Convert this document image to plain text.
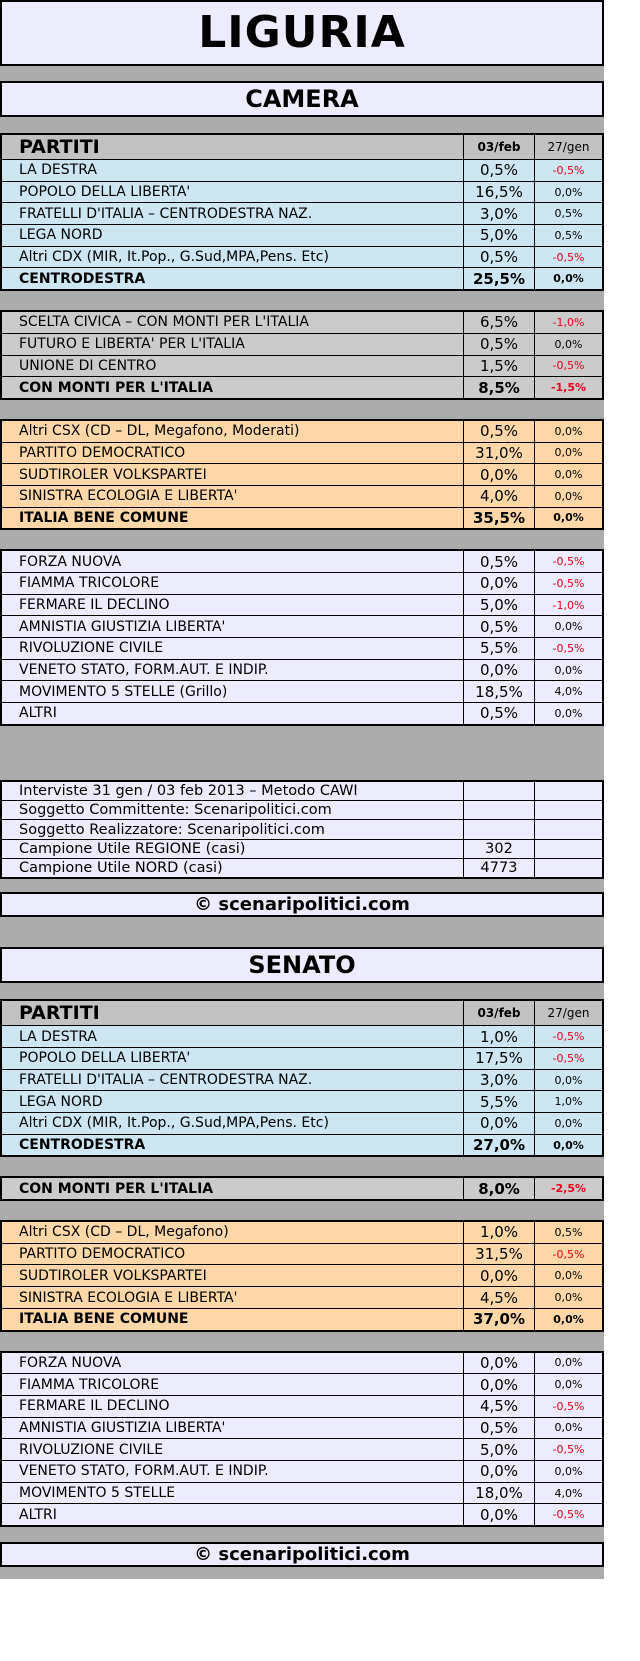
LIGURIA
CAMERA
PARTITI	03/feb	27/gen
LA DESTRA	0,5%	-0,5%
POPOLO DELLA LIBERTA'	16,5%	0,0%
FRATELLI D'ITALIA – CENTRODESTRA NAZ.	3,0%	0,5%
LEGA NORD	5,0%	0,5%
Altri CDX (MIR, It.Pop., G.Sud,MPA,Pens. Etc)	0,5%	-0,5%
CENTRODESTRA	25,5%	0,0%
SCELTA CIVICA – CON MONTI PER L'ITALIA	6,5%	-1,0%
FUTURO E LIBERTA' PER L'ITALIA	0,5%	0,0%
UNIONE DI CENTRO	1,5%	-0,5%
CON MONTI PER L'ITALIA	8,5%	-1,5%
Altri CSX (CD – DL, Megafono, Moderati)	0,5%	0,0%
PARTITO DEMOCRATICO	31,0%	0,0%
SUDTIROLER VOLKSPARTEI	0,0%	0,0%
SINISTRA ECOLOGIA E LIBERTA'	4,0%	0,0%
ITALIA BENE COMUNE	35,5%	0,0%
FORZA NUOVA	0,5%	-0,5%
FIAMMA TRICOLORE	0,0%	-0,5%
FERMARE IL DECLINO	5,0%	-1,0%
AMNISTIA GIUSTIZIA LIBERTA'	0,5%	0,0%
RIVOLUZIONE CIVILE	5,5%	-0,5%
VENETO STATO, FORM.AUT. E INDIP.	0,0%	0,0%
MOVIMENTO 5 STELLE (Grillo)	18,5%	4,0%
ALTRI	0,5%	0,0%
Interviste 31 gen / 03 feb 2013 – Metodo CAWI
Soggetto Committente: Scenaripolitici.com
Soggetto Realizzatore: Scenaripolitici.com
Campione Utile REGIONE (casi)	302
Campione Utile NORD (casi)	4773
© scenaripolitici.com
SENATO
PARTITI	03/feb	27/gen
LA DESTRA	1,0%	-0,5%
POPOLO DELLA LIBERTA'	17,5%	-0,5%
FRATELLI D'ITALIA – CENTRODESTRA NAZ.	3,0%	0,0%
LEGA NORD	5,5%	1,0%
Altri CDX (MIR, It.Pop., G.Sud,MPA,Pens. Etc)	0,0%	0,0%
CENTRODESTRA	27,0%	0,0%
CON MONTI PER L'ITALIA	8,0%	-2,5%
Altri CSX (CD – DL, Megafono)	1,0%	0,5%
PARTITO DEMOCRATICO	31,5%	-0,5%
SUDTIROLER VOLKSPARTEI	0,0%	0,0%
SINISTRA ECOLOGIA E LIBERTA'	4,5%	0,0%
ITALIA BENE COMUNE	37,0%	0,0%
FORZA NUOVA	0,0%	0,0%
FIAMMA TRICOLORE	0,0%	0,0%
FERMARE IL DECLINO	4,5%	-0,5%
AMNISTIA GIUSTIZIA LIBERTA'	0,5%	0,0%
RIVOLUZIONE CIVILE	5,0%	-0,5%
VENETO STATO, FORM.AUT. E INDIP.	0,0%	0,0%
MOVIMENTO 5 STELLE	18,0%	4,0%
ALTRI	0,0%	-0,5%
© scenaripolitici.com
